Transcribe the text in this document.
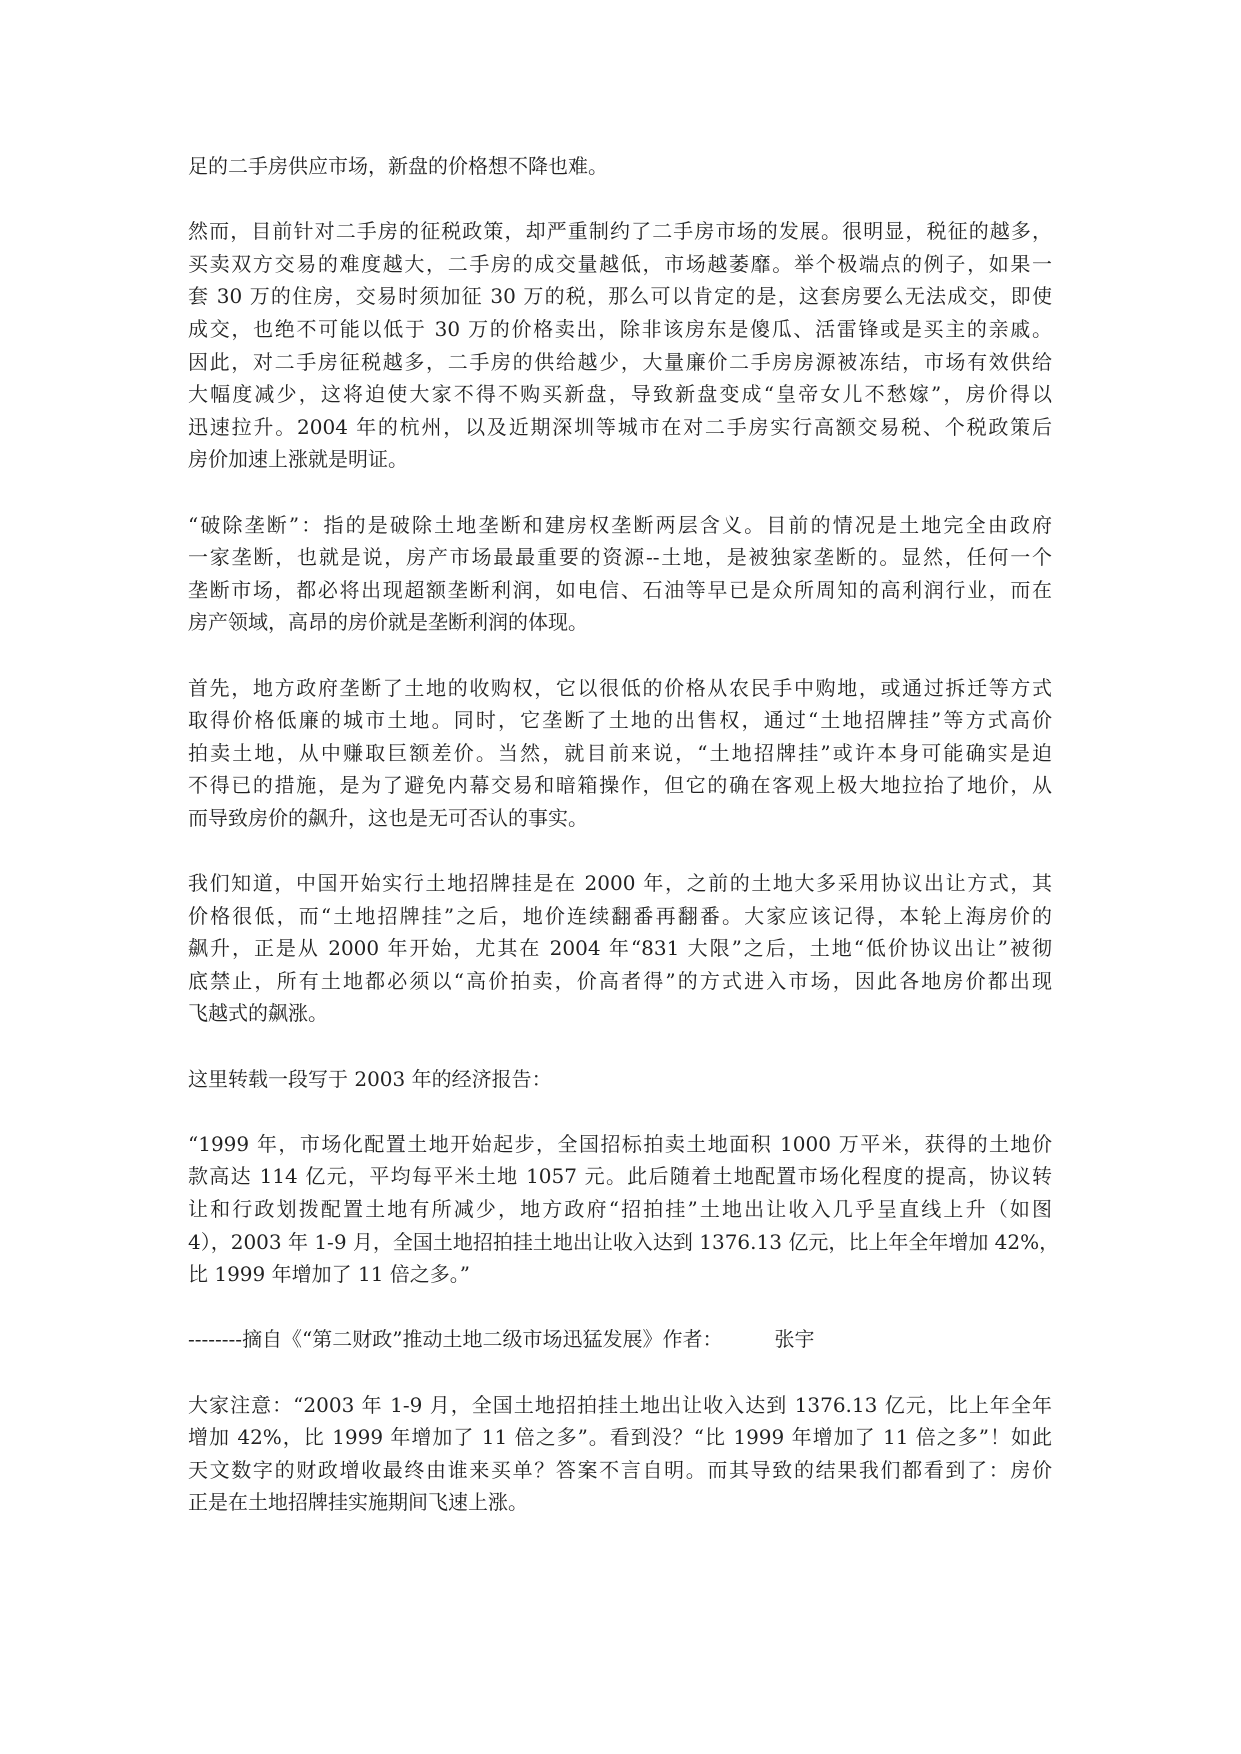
足的二手房供应市场，新盘的价格想不降也难。
然而，目前针对二手房的征税政策，却严重制约了二手房市场的发展。很明显，税征的越多，
买卖双方交易的难度越大，二手房的成交量越低，市场越萎靡。举个极端点的例子，如果一
套 30 万的住房，交易时须加征 30 万的税，那么可以肯定的是，这套房要么无法成交，即使
成交，也绝不可能以低于 30 万的价格卖出，除非该房东是傻瓜、活雷锋或是买主的亲戚。
因此，对二手房征税越多，二手房的供给越少，大量廉价二手房房源被冻结，市场有效供给
大幅度减少，这将迫使大家不得不购买新盘，导致新盘变成“皇帝女儿不愁嫁”，房价得以
迅速拉升。2004 年的杭州，以及近期深圳等城市在对二手房实行高额交易税、个税政策后
房价加速上涨就是明证。
“破除垄断”：指的是破除土地垄断和建房权垄断两层含义。目前的情况是土地完全由政府
一家垄断，也就是说，房产市场最最重要的资源--土地，是被独家垄断的。显然，任何一个
垄断市场，都必将出现超额垄断利润，如电信、石油等早已是众所周知的高利润行业，而在
房产领域，高昂的房价就是垄断利润的体现。
首先，地方政府垄断了土地的收购权，它以很低的价格从农民手中购地，或通过拆迁等方式
取得价格低廉的城市土地。同时，它垄断了土地的出售权，通过“土地招牌挂”等方式高价
拍卖土地，从中赚取巨额差价。当然，就目前来说，“土地招牌挂”或许本身可能确实是迫
不得已的措施，是为了避免内幕交易和暗箱操作，但它的确在客观上极大地拉抬了地价，从
而导致房价的飙升，这也是无可否认的事实。
我们知道，中国开始实行土地招牌挂是在 2000 年，之前的土地大多采用协议出让方式，其
价格很低，而“土地招牌挂”之后，地价连续翻番再翻番。大家应该记得，本轮上海房价的
飙升，正是从 2000 年开始，尤其在 2004 年“831 大限”之后，土地“低价协议出让”被彻
底禁止，所有土地都必须以“高价拍卖，价高者得”的方式进入市场，因此各地房价都出现
飞越式的飙涨。
这里转载一段写于 2003 年的经济报告：
“1999 年，市场化配置土地开始起步，全国招标拍卖土地面积 1000 万平米，获得的土地价
款高达 114 亿元，平均每平米土地 1057 元。此后随着土地配置市场化程度的提高，协议转
让和行政划拨配置土地有所减少，地方政府“招拍挂”土地出让收入几乎呈直线上升（如图
4），2003 年 1-9 月，全国土地招拍挂土地出让收入达到 1376.13 亿元，比上年全年增加 42%，
比 1999 年增加了 11 倍之多。”
--------摘自《“第二财政”推动土地二级市场迅猛发展》作者：	张宇
大家注意：“2003 年 1-9 月，全国土地招拍挂土地出让收入达到 1376.13 亿元，比上年全年
增加 42%，比 1999 年增加了 11 倍之多”。看到没？“比 1999 年增加了 11 倍之多”！如此
天文数字的财政增收最终由谁来买单？答案不言自明。而其导致的结果我们都看到了：房价
正是在土地招牌挂实施期间飞速上涨。
